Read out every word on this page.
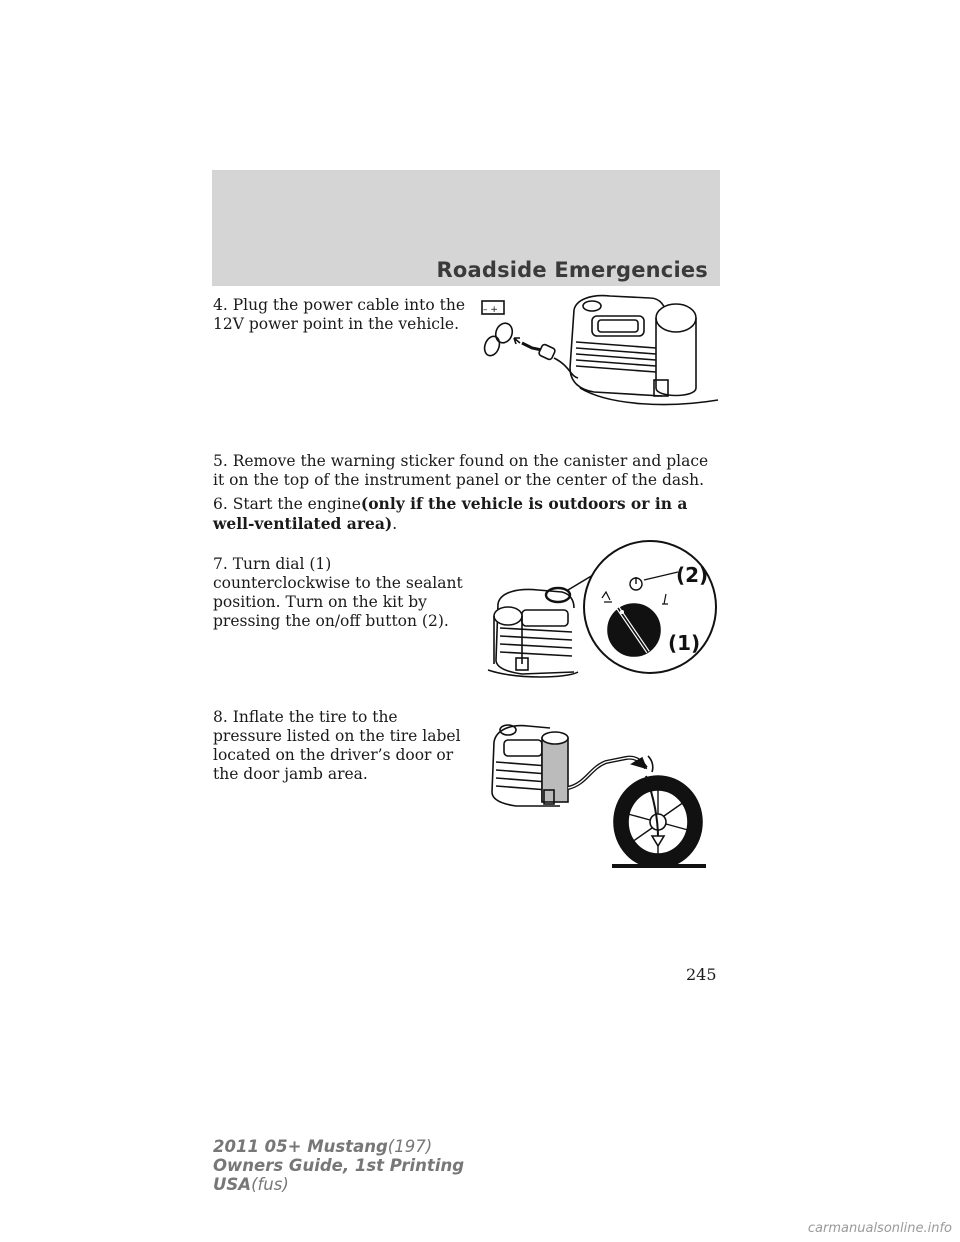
Roadside Emergencies

4. Plug the power cable into the 12V power point in the vehicle.

– +

5. Remove the warning sticker found on the canister and place it on the top of the instrument panel or the center of the dash.

6. Start the engine(only if the vehicle is outdoors or in a well-ventilated area).

7. Turn dial (1) counterclockwise to the sealant position. Turn on the kit by pressing the on/off button (2).

(2)
(1)

8. Inflate the tire to the pressure listed on the tire label located on the driver’s door or the door jamb area.

245
2011 05+ Mustang(197)
Owners Guide, 1st Printing
USA(fus)
carmanualsonline.info
